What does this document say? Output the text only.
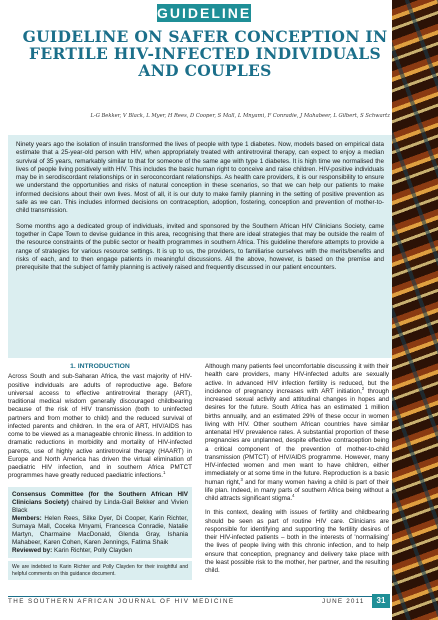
GUIDELINE
GUIDELINE ON SAFER CONCEPTION IN FERTILE HIV-INFECTED INDIVIDUALS AND COUPLES
L-G Bekker, V Black, L Myer, H Rees, D Cooper, S Mall, L Mnyami, F Conradie, J Mahabeer, L Gilbert, S Schwartz

Ninety years ago the isolation of insulin transformed the lives of people with type 1 diabetes. Now, models based on empirical data estimate that a 25-year-old person with HIV, when appropriately treated with antiretroviral therapy, can expect to enjoy a median survival of 35 years, remarkably similar to that for someone of the same age with type 1 diabetes. It is high time we normalised the lives of people living positively with HIV. This includes the basic human right to conceive and raise children. HIV-positive individuals may be in serodiscordant relationships or in seroconcordant relationships. As health care providers, it is our responsibility to ensure we understand the opportunities and risks of natural conception in these scenarios, so that we can help our patients to make informed decisions about their own lives. Most of all, it is our duty to make family planning in the setting of positive prevention as safe as we can. This includes informed decisions on contraception, adoption, fostering, conception and prevention of mother-to-child transmission.

Some months ago a dedicated group of individuals, invited and sponsored by the Southern African HIV Clinicians Society, came together in Cape Town to devise guidance in this area, recognising that there are ideal strategies that may be outside the realm of the resource constraints of the public sector or health programmes in southern Africa. This guideline therefore attempts to provide a range of strategies for various resource settings. It is up to us, the providers, to familiarise ourselves with the merits/benefits and risks of each, and to then engage patients in meaningful discussions. All the above, however, is based on the premise and prerequisite that the subject of family planning is actively raised and frequently discussed in our patient encounters.

1. INTRODUCTION

Across South and sub-Saharan Africa, the vast majority of HIV-positive individuals are adults of reproductive age. Before universal access to effective antiretroviral therapy (ART), traditional medical wisdom generally discouraged childbearing because of the risk of HIV transmission (both to uninfected partners and from mother to child) and the reduced survival of infected parents and children. In the era of ART, HIV/AIDS has come to be viewed as a manageable chronic illness. In addition to dramatic reductions in morbidity and mortality of HIV-infected parents, use of highly active antiretroviral therapy (HAART) in Europe and North America has driven the virtual elimination of paediatric HIV infection, and in southern Africa PMTCT programmes have greatly reduced paediatric infections.$^1$

Consensus Committee (for the Southern African HIV Clinicians Society) chaired by Linda-Gail Bekker and Vivien Black
Members: Helen Rees, Silke Dyer, Di Cooper, Karin Richter, Sumaya Mall, Coceka Mnyami, Francesca Conradie, Natalie Martyn, Charmaine MacDonald, Glenda Gray, Ishania Mahabeer, Karen Cohen, Karen Jennings, Fatima Shaik
Reviewed by: Karin Richter, Polly Clayden
We are indebted to Karin Richter and Polly Clayden for their insightful and helpful comments on this guidance document.

Although many patients feel uncomfortable discussing it with their health care providers, many HIV-infected adults are sexually active. In advanced HIV infection fertility is reduced, but the incidence of pregnancy increases with ART initiation,$^2$ through increased sexual activity and attitudinal changes in hopes and desires for the future. South Africa has an estimated 1 million births annually, and an estimated 29% of these occur in women living with HIV. Other southern African countries have similar antenatal HIV prevalence rates. A substantial proportion of these pregnancies are unplanned, despite effective contraception being a critical component of the prevention of mother-to-child transmission (PMTCT) of HIV/AIDS programme. However, many HIV-infected women and men want to have children, either immediately or at some time in the future. Reproduction is a basic human right,$^3$ and for many women having a child is part of their life plan. Indeed, in many parts of southern Africa being without a child attracts significant stigma.$^4$

In this context, dealing with issues of fertility and childbearing should be seen as part of routine HIV care. Clinicians are responsible for identifying and supporting the fertility desires of their HIV-infected patients – both in the interests of 'normalising' the lives of people living with this chronic infection, and to help ensure that conception, pregnancy and delivery take place with the least possible risk to the mother, her partner, and the resulting child.

THE SOUTHERN AFRICAN JOURNAL OF HIV MEDICINE	JUNE 2011	31
